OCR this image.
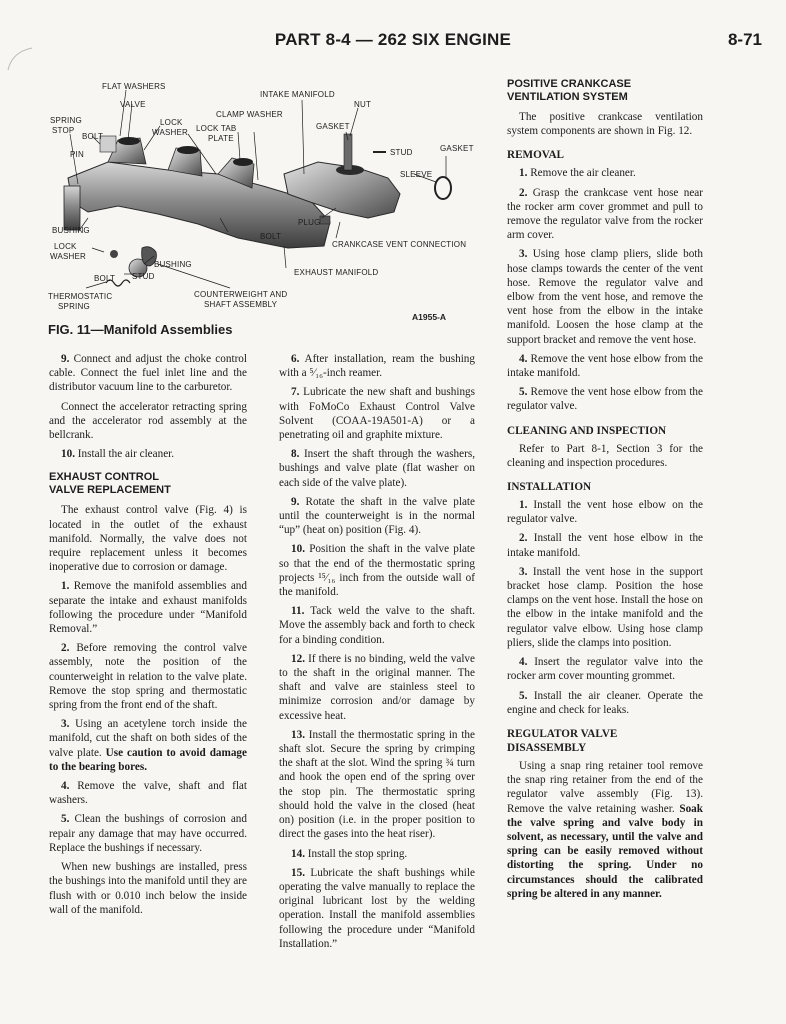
PART 8-4 — 262 SIX ENGINE	8-71
FLAT WASHERS
VALVE
SPRING
STOP
BOLT
LOCK
WASHER
PIN
CLAMP WASHER
LOCK TAB
PLATE
INTAKE MANIFOLD
NUT
GASKET
STUD	GASKET
SLEEVE
BUSHING
LOCK
WASHER
BUSHING
BOLT STUD
BOLT
PLUG
CRANKCASE VENT CONNECTION
EXHAUST MANIFOLD
THERMOSTATIC
SPRING
COUNTERWEIGHT AND
SHAFT ASSEMBLY
A1955-A
FIG. 11—Manifold Assemblies

9. Connect and adjust the choke control cable. Connect the fuel inlet line and the distributor vacuum line to the carburetor.

Connect the accelerator retracting spring and the accelerator rod assembly at the bellcrank.

10. Install the air cleaner.

EXHAUST CONTROL
VALVE REPLACEMENT

The exhaust control valve (Fig. 4) is located in the outlet of the exhaust manifold. Normally, the valve does not require replacement unless it becomes inoperative due to corrosion or damage.

1. Remove the manifold assemblies and separate the intake and exhaust manifolds following the procedure under “Manifold Removal.”

2. Before removing the control valve assembly, note the position of the counterweight in relation to the valve plate. Remove the stop spring and thermostatic spring from the front end of the shaft.

3. Using an acetylene torch inside the manifold, cut the shaft on both sides of the valve plate. Use caution to avoid damage to the bearing bores.

4. Remove the valve, shaft and flat washers.

5. Clean the bushings of corrosion and repair any damage that may have occurred. Replace the bushings if necessary.

When new bushings are installed, press the bushings into the manifold until they are flush with or 0.010 inch below the inside wall of the manifold.

6. After installation, ream the bushing with a ⁵⁄₁₆-inch reamer.

7. Lubricate the new shaft and bushings with FoMoCo Exhaust Control Valve Solvent (COAA-19A501-A) or a penetrating oil and graphite mixture.

8. Insert the shaft through the washers, bushings and valve plate (flat washer on each side of the valve plate).

9. Rotate the shaft in the valve plate until the counterweight is in the normal “up” (heat on) position (Fig. 4).

10. Position the shaft in the valve plate so that the end of the thermostatic spring projects ¹⁵⁄₁₆ inch from the outside wall of the manifold.

11. Tack weld the valve to the shaft. Move the assembly back and forth to check for a binding condition.

12. If there is no binding, weld the valve to the shaft in the original manner. The shaft and valve are stainless steel to minimize corrosion and/or damage by excessive heat.

13. Install the thermostatic spring in the shaft slot. Secure the spring by crimping the shaft at the slot. Wind the spring ¾ turn and hook the open end of the spring over the stop pin. The thermostatic spring should hold the valve in the closed (heat on) position (i.e. in the proper position to direct the gases into the heat riser).

14. Install the stop spring.

15. Lubricate the shaft bushings while operating the valve manually to replace the original lubricant lost by the welding operation. Install the manifold assemblies following the procedure under “Manifold Installation.”

POSITIVE CRANKCASE
VENTILATION SYSTEM

The positive crankcase ventilation system components are shown in Fig. 12.

REMOVAL

1. Remove the air cleaner.

2. Grasp the crankcase vent hose near the rocker arm cover grommet and pull to remove the regulator valve from the rocker arm cover.

3. Using hose clamp pliers, slide both hose clamps towards the center of the vent hose. Remove the regulator valve and elbow from the vent hose, and remove the vent hose from the elbow in the intake manifold. Loosen the hose clamp at the support bracket and remove the vent hose.

4. Remove the vent hose elbow from the intake manifold.

5. Remove the vent hose elbow from the regulator valve.

CLEANING AND INSPECTION

Refer to Part 8-1, Section 3 for the cleaning and inspection procedures.

INSTALLATION

1. Install the vent hose elbow on the regulator valve.

2. Install the vent hose elbow in the intake manifold.

3. Install the vent hose in the support bracket hose clamp. Position the hose clamps on the vent hose. Install the hose on the elbow in the intake manifold and the regulator valve elbow. Using hose clamp pliers, slide the clamps into position.

4. Insert the regulator valve into the rocker arm cover mounting grommet.

5. Install the air cleaner. Operate the engine and check for leaks.

REGULATOR VALVE
DISASSEMBLY

Using a snap ring retainer tool remove the snap ring retainer from the end of the regulator valve assembly (Fig. 13). Remove the valve retaining washer. Soak the valve spring and valve body in solvent, as necessary, until the valve and spring can be easily removed without distorting the spring. Under no circumstances should the calibrated spring be altered in any manner.
